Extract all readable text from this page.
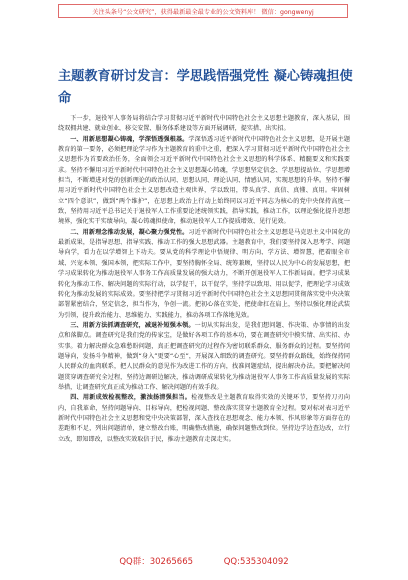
关注头条号“公文研究”，获得最新最全最专业的公文资料库！ 微信：gongwenyj
主题教育研讨发言：学思践悟强党性 凝心铸魂担使命

下一步，退役军人事务局将结合学习贯彻习近平新时代中国特色社会主义思想主题教育，深入基层，围绕双拥共建、就业创业、移交安置、服务体系建设等方面开展调研，提实措、出实招。

一、用新思想凝心铸魂，学深悟透强根基。学深悟透习近平新时代中国特色社会主义思想，是开展主题教育的第一要务，必须把理论学习作为主题教育的重中之重，把深入学习贯彻习近平新时代中国特色社会主义思想作为首要政治任务，全面领会习近平新时代中国特色社会主义思想的科学体系、精髓要义和实践要求。坚持不懈用习近平新时代中国特色社会主义思想凝心铸魂，学思想坚定信念、学思想提站位、学思想增担当，不断增进对党的创新理论的政治认同、思想认同、理论认同、情感认同，实现思想的升华。坚持不懈用习近平新时代中国特色社会主义思想改造主观世界，学以致用，带头真学、真信、真懂、真用。牢固树立“四个意识”，做到“两个维护”，在思想上政治上行动上始终同以习近平同志为核心的党中央保持高度一致，坚持用习近平总书记关于退役军人工作重要论述统领实践，指导实践，推动工作，以理论强化提升思想境界，强化实干实绩导向，凝心铸魂担使命，推动退役军人工作提质增效、见行见效。

二、用新理念推动发展，凝心聚力强党性。习近平新时代中国特色社会主义思想是马克思主义中国化的最新成果，是指导思想、指导实践、推动工作的强大思想武器。主题教育中，我们要坚持深入思考学、问题导向学，看力在以学增智上下功夫。要从党的科学理论中悟规律、明方向、学方法、增智慧，把着眼全市域、兴宠本领、强国本领，把实际工作中，要坚持胸怀全局、统筹兼顾，坚持以人民为中心的发展思想，把学习成果转化为推动退役军人事务工作高质量发展的强大动力，不断开创退役军人工作新局面。把学习成果转化为推动工作、解决问题的实际行动，以学促干，以干促学，坚持学以致用、用以促学，把理论学习成效转化为推动发展的实际成效。要坚持把学习贯彻习近平新时代中国特色社会主义思想同贯彻落实党中央决策部署紧密结合，坚定信念，担当作为，争创一流。把初心落在实处，把使命扛在肩上，坚持以强化理论武装为引领，提升政治能力、思维能力、实践能力，推动各项工作落地见效。

三、用新方法抓调查研究，减退补短强本领。一切从实际出发，是我们想问题、作决策、办事情的出发点和落脚点。调查研究是我们党的传家宝，是做好各项工作的基本功，要在调查研究中摸实情、出实招、办实事。着力解决群众急难愁盼问题，真正把调查研究的过程作为密切联系群众、服务群众的过程。要坚持问题导向，发扬斗争精神，做到“身入”更要“心至”，开展深入细致的调查研究。要坚持群众路线，始终保持同人民群众的血肉联系，把人民群众的意见作为改进工作的方向，找准问题症结，提出解决办法。要把解决问题贯穿调查研究全过程，坚持边调研边解决，推动调研成果转化为推动退役军人事务工作高质量发展的实际举措，让调查研究真正成为推动工作、解决问题的有效手段。

四、用新成效检视整改，激浊扬清强担当。检视整改是主题教育取得实效的关键环节，要坚持刀刃向内，自我革命，坚持问题导向、目标导向，把检视问题、整改落实贯穿主题教育全过程。要对标对表习近平新时代中国特色社会主义思想和党中央决策部署，深入查找在思想观念、能力本领、作风形象等方面存在的差距和不足，列出问题清单，建立整改台账，明确整改措施，确保问题整改到位。坚持边学边查边改，立行立改，即知即改，以整改实效取信于民，推动主题教育走深走实。

QQ群：30265665	QQ:535304092
